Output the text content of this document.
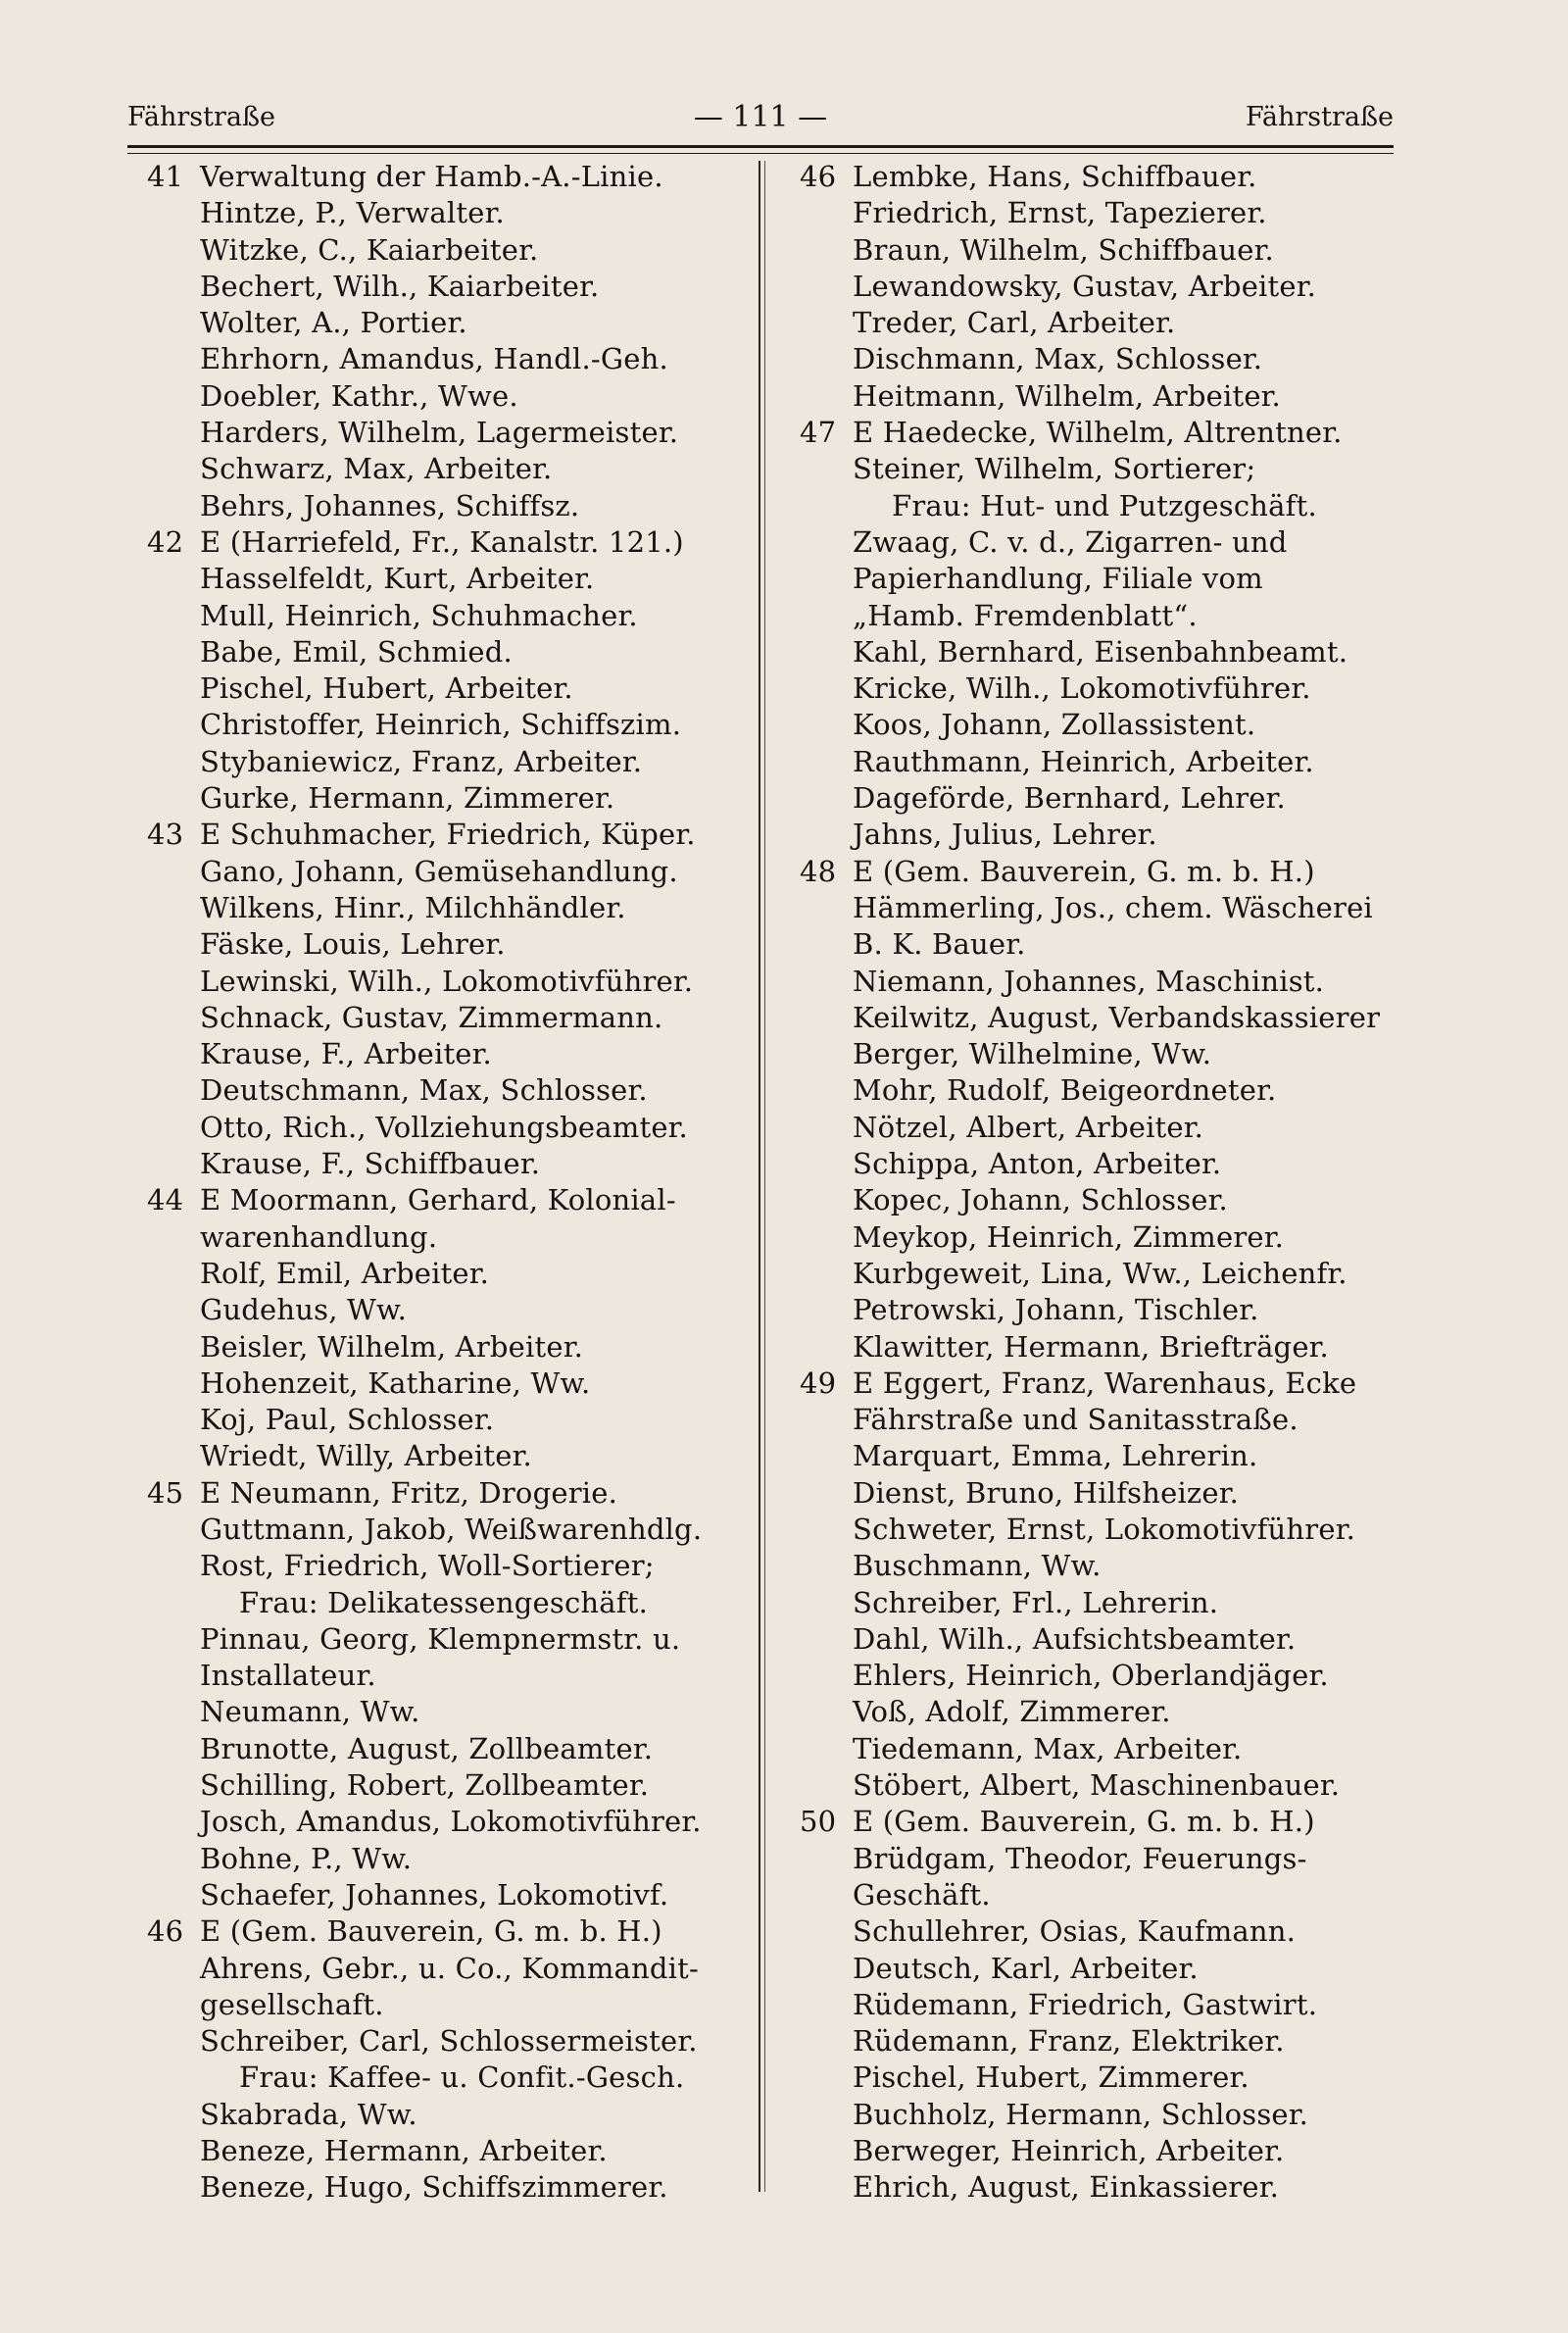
Fährstraße	— 111 —	Fährstraße
41 Verwaltung der Hamb.-A.-Linie.
Hintze, P., Verwalter.
Witzke, C., Kaiarbeiter.
Bechert, Wilh., Kaiarbeiter.
Wolter, A., Portier.
Ehrhorn, Amandus, Handl.-Geh.
Doebler, Kathr., Wwe.
Harders, Wilhelm, Lagermeister.
Schwarz, Max, Arbeiter.
Behrs, Johannes, Schiffsz.
42 E (Harriefeld, Fr., Kanalstr. 121.)
Hasselfeldt, Kurt, Arbeiter.
Mull, Heinrich, Schuhmacher.
Babe, Emil, Schmied.
Pischel, Hubert, Arbeiter.
Christoffer, Heinrich, Schiffszim.
Stybaniewicz, Franz, Arbeiter.
Gurke, Hermann, Zimmerer.
43 E Schuhmacher, Friedrich, Küper.
Gano, Johann, Gemüsehandlung.
Wilkens, Hinr., Milchhändler.
Fäske, Louis, Lehrer.
Lewinski, Wilh., Lokomotivführer.
Schnack, Gustav, Zimmermann.
Krause, F., Arbeiter.
Deutschmann, Max, Schlosser.
Otto, Rich., Vollziehungsbeamter.
Krause, F., Schiffbauer.
44 E Moormann, Gerhard, Kolonial-
warenhandlung.
Rolf, Emil, Arbeiter.
Gudehus, Ww.
Beisler, Wilhelm, Arbeiter.
Hohenzeit, Katharine, Ww.
Koj, Paul, Schlosser.
Wriedt, Willy, Arbeiter.
45 E Neumann, Fritz, Drogerie.
Guttmann, Jakob, Weißwarenhdlg.
Rost, Friedrich, Woll-Sortierer;
Frau: Delikatessengeschäft.
Pinnau, Georg, Klempnermstr. u.
Installateur.
Neumann, Ww.
Brunotte, August, Zollbeamter.
Schilling, Robert, Zollbeamter.
Josch, Amandus, Lokomotivführer.
Bohne, P., Ww.
Schaefer, Johannes, Lokomotivf.
46 E (Gem. Bauverein, G. m. b. H.)
Ahrens, Gebr., u. Co., Kommandit-
gesellschaft.
Schreiber, Carl, Schlossermeister.
Frau: Kaffee- u. Confit.-Gesch.
Skabrada, Ww.
Beneze, Hermann, Arbeiter.
Beneze, Hugo, Schiffszimmerer.
46 Lembke, Hans, Schiffbauer.
Friedrich, Ernst, Tapezierer.
Braun, Wilhelm, Schiffbauer.
Lewandowsky, Gustav, Arbeiter.
Treder, Carl, Arbeiter.
Dischmann, Max, Schlosser.
Heitmann, Wilhelm, Arbeiter.
47 E Haedecke, Wilhelm, Altrentner.
Steiner, Wilhelm, Sortierer;
Frau: Hut- und Putzgeschäft.
Zwaag, C. v. d., Zigarren- und
Papierhandlung, Filiale vom
„Hamb. Fremdenblatt“.
Kahl, Bernhard, Eisenbahnbeamt.
Kricke, Wilh., Lokomotivführer.
Koos, Johann, Zollassistent.
Rauthmann, Heinrich, Arbeiter.
Dageförde, Bernhard, Lehrer.
Jahns, Julius, Lehrer.
48 E (Gem. Bauverein, G. m. b. H.)
Hämmerling, Jos., chem. Wäscherei
B. K. Bauer.
Niemann, Johannes, Maschinist.
Keilwitz, August, Verbandskassierer
Berger, Wilhelmine, Ww.
Mohr, Rudolf, Beigeordneter.
Nötzel, Albert, Arbeiter.
Schippa, Anton, Arbeiter.
Kopec, Johann, Schlosser.
Meykop, Heinrich, Zimmerer.
Kurbgeweit, Lina, Ww., Leichenfr.
Petrowski, Johann, Tischler.
Klawitter, Hermann, Briefträger.
49 E Eggert, Franz, Warenhaus, Ecke
Fährstraße und Sanitasstraße.
Marquart, Emma, Lehrerin.
Dienst, Bruno, Hilfsheizer.
Schweter, Ernst, Lokomotivführer.
Buschmann, Ww.
Schreiber, Frl., Lehrerin.
Dahl, Wilh., Aufsichtsbeamter.
Ehlers, Heinrich, Oberlandjäger.
Voß, Adolf, Zimmerer.
Tiedemann, Max, Arbeiter.
Stöbert, Albert, Maschinenbauer.
50 E (Gem. Bauverein, G. m. b. H.)
Brüdgam, Theodor, Feuerungs-
Geschäft.
Schullehrer, Osias, Kaufmann.
Deutsch, Karl, Arbeiter.
Rüdemann, Friedrich, Gastwirt.
Rüdemann, Franz, Elektriker.
Pischel, Hubert, Zimmerer.
Buchholz, Hermann, Schlosser.
Berweger, Heinrich, Arbeiter.
Ehrich, August, Einkassierer.
